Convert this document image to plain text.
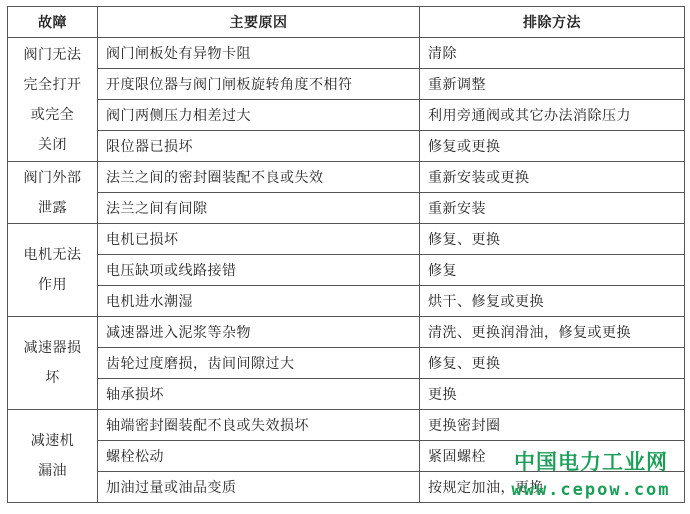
故障	主要原因	排除方法

阀门无法
完全打开
或完全
关闭	阀门闸板处有异物卡阻	清除
	开度限位器与阀门闸板旋转角度不相符	重新调整
	阀门两侧压力相差过大	利用旁通阀或其它办法消除压力
	限位器已损坏	修复或更换

阀门外部
泄露	法兰之间的密封圈装配不良或失效	重新安装或更换
	法兰之间有间隙	重新安装

电机无法
作用	电机已损坏	修复、更换
	电压缺项或线路接错	修复
	电机进水潮湿	烘干、修复或更换

减速器损
坏	减速器进入泥浆等杂物	清洗、更换润滑油，修复或更换
	齿轮过度磨损，齿间间隙过大	修复、更换
	轴承损坏	更换

减速机
漏油	轴端密封圈装配不良或失效损坏	更换密封圈
	螺栓松动	紧固螺栓
	加油过量或油品变质	按规定加油，更换
中国电力工业网
www.cepow.com
